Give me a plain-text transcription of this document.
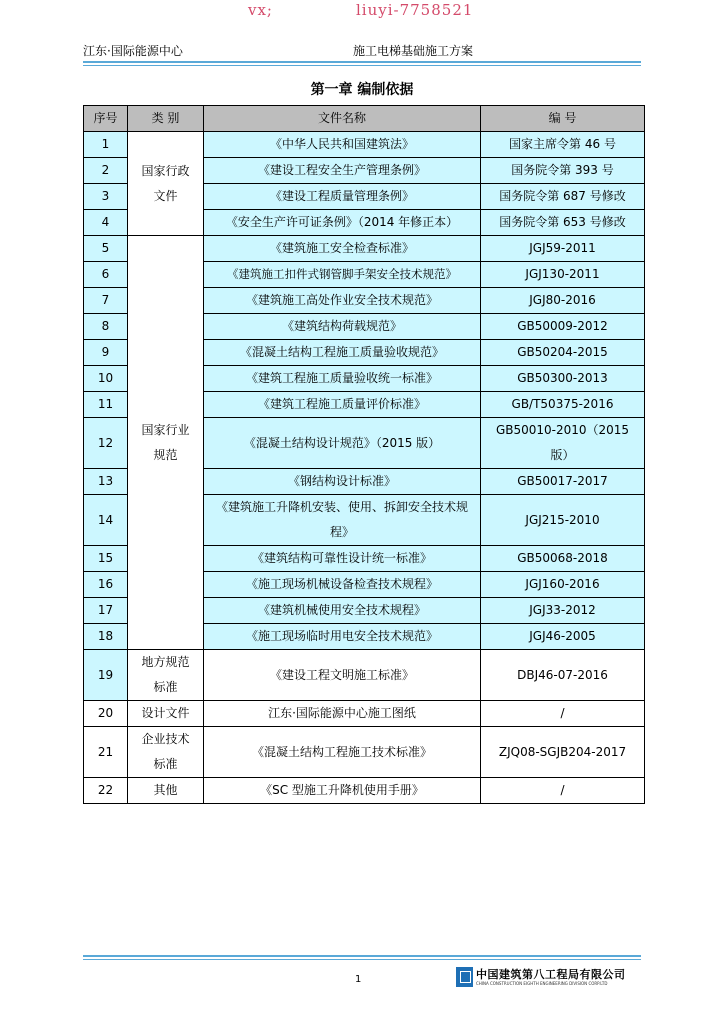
vx;	liuyi-7758521
江东·国际能源中心	施工电梯基础施工方案
第一章 编制依据
序号	类 别	文件名称	编 号
1	国家行政文件	《中华人民共和国建筑法》	国家主席令第 46 号
2		《建设工程安全生产管理条例》	国务院令第 393 号
3		《建设工程质量管理条例》	国务院令第 687 号修改
4		《安全生产许可证条例》（2014 年修正本）	国务院令第 653 号修改
5	国家行业规范	《建筑施工安全检查标准》	JGJ59-2011
6		《建筑施工扣件式钢管脚手架安全技术规范》	JGJ130-2011
7		《建筑施工高处作业安全技术规范》	JGJ80-2016
8		《建筑结构荷载规范》	GB50009-2012
9		《混凝土结构工程施工质量验收规范》	GB50204-2015
10		《建筑工程施工质量验收统一标准》	GB50300-2013
11		《建筑工程施工质量评价标准》	GB/T50375-2016
12		《混凝土结构设计规范》（2015 版）	GB50010-2010（2015 版）
13		《钢结构设计标准》	GB50017-2017
14		《建筑施工升降机安装、使用、拆卸安全技术规程》	JGJ215-2010
15		《建筑结构可靠性设计统一标准》	GB50068-2018
16		《施工现场机械设备检查技术规程》	JGJ160-2016
17		《建筑机械使用安全技术规程》	JGJ33-2012
18		《施工现场临时用电安全技术规范》	JGJ46-2005
19	地方规范标准	《建设工程文明施工标准》	DBJ46-07-2016
20	设计文件	江东·国际能源中心施工图纸	/
21	企业技术标准	《混凝土结构工程施工技术标准》	ZJQ08-SGJB204-2017
22	其他	《SC 型施工升降机使用手册》	/
1	中国建筑第八工程局有限公司
CHINA CONSTRUCTION EIGHTH ENGINEERING DIVISION CORP.LTD
